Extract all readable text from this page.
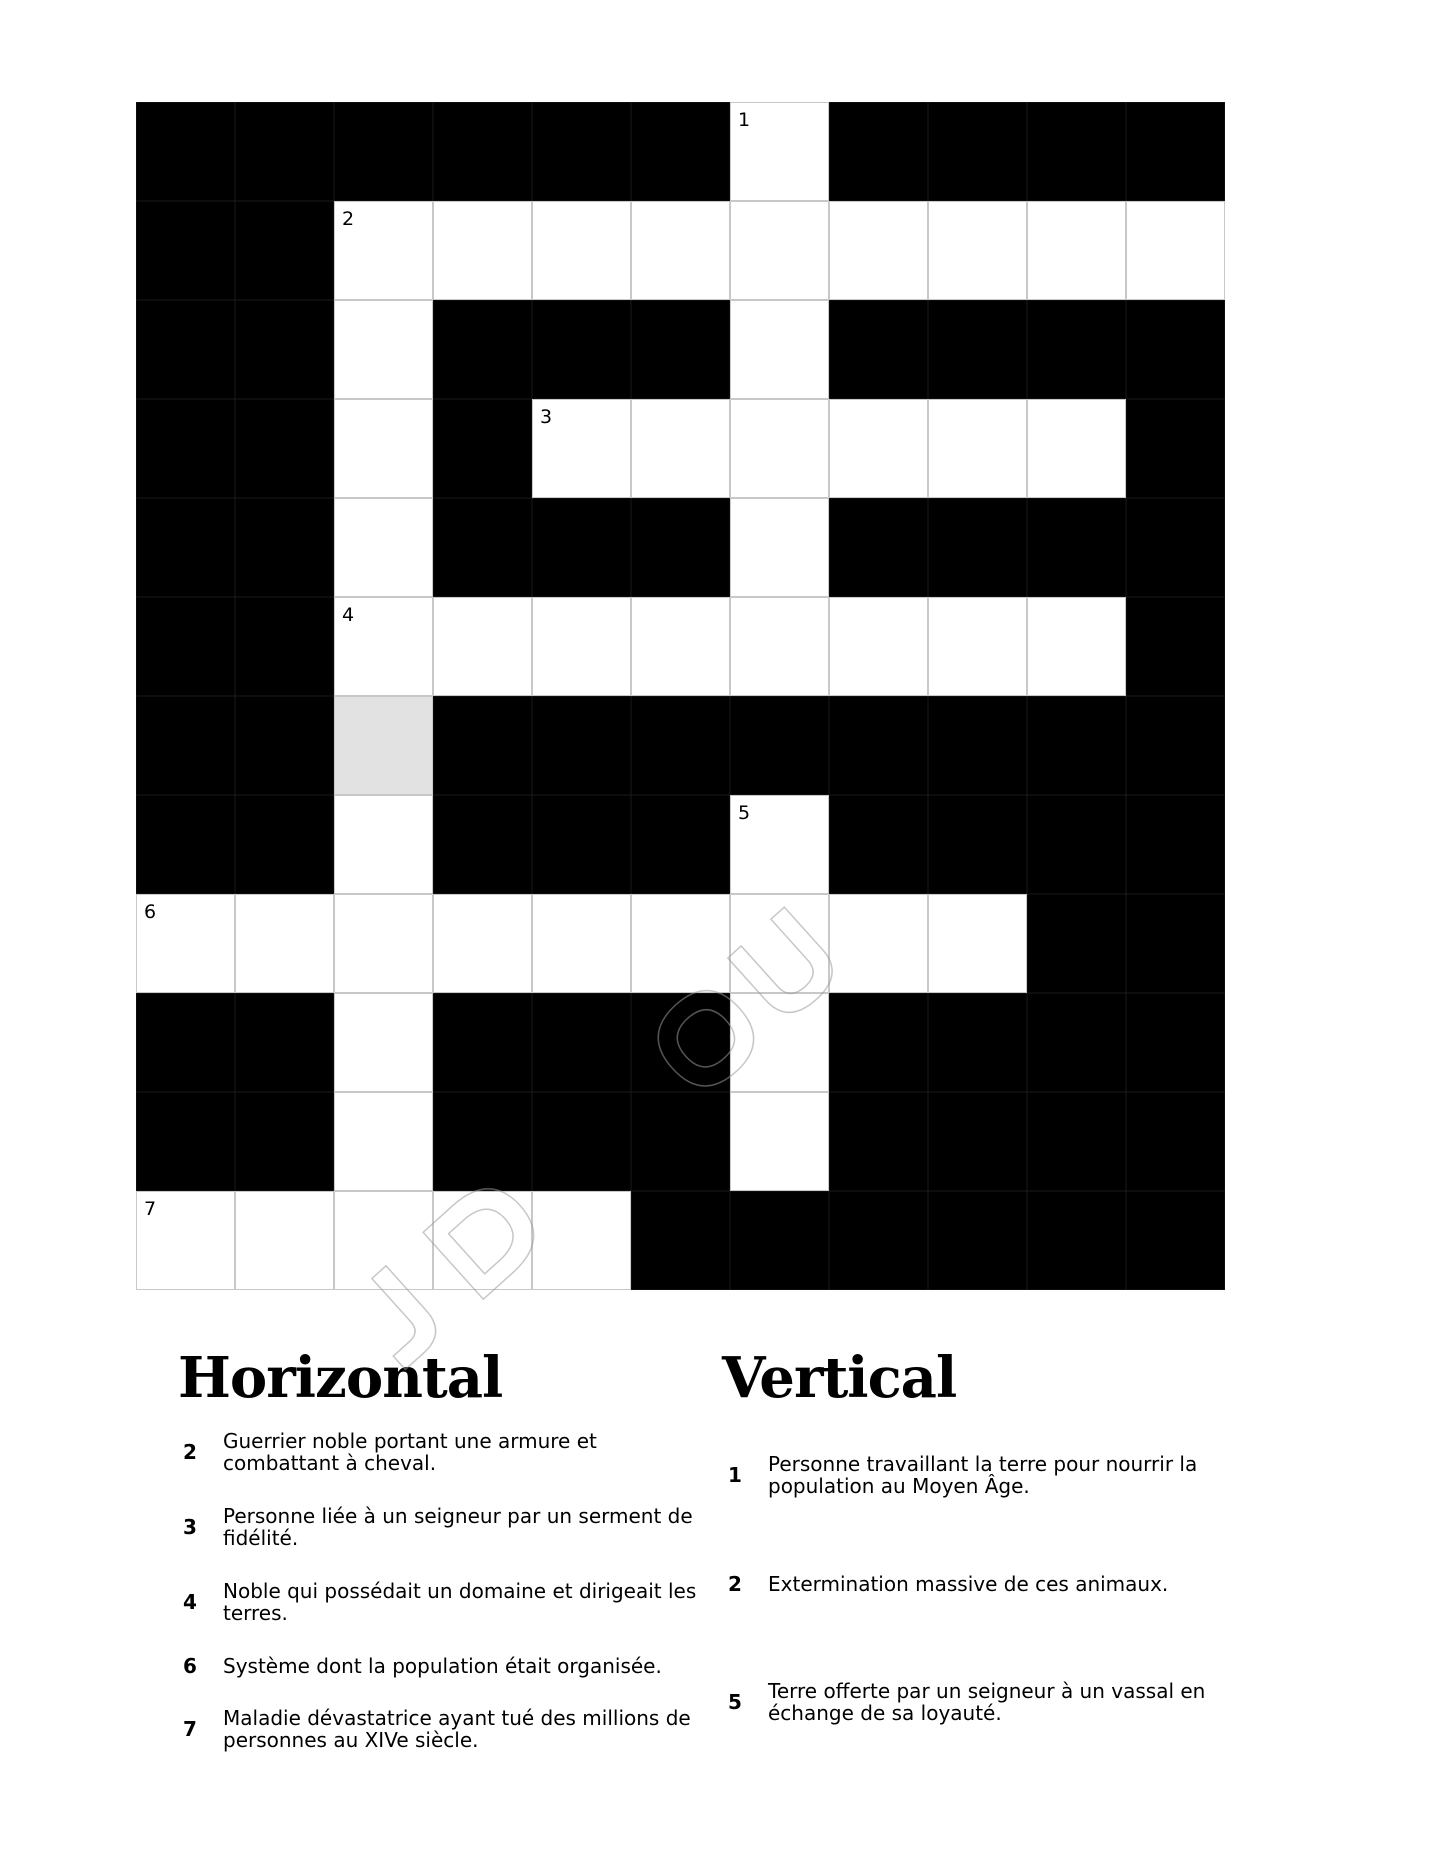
1
2
3
4
5
6
7
Horizontal	Vertical
2	Guerrier noble portant une armure et
combattant à cheval.
3	Personne liée à un seigneur par un serment de
fidélité.
4	Noble qui possédait un domaine et dirigeait les
terres.
6	Système dont la population était organisée.
7	Maladie dévastatrice ayant tué des millions de
personnes au XIVe siècle.
1	Personne travaillant la terre pour nourrir la
population au Moyen Âge.
2	Extermination massive de ces animaux.
5	Terre offerte par un seigneur à un vassal en
échange de sa loyauté.
